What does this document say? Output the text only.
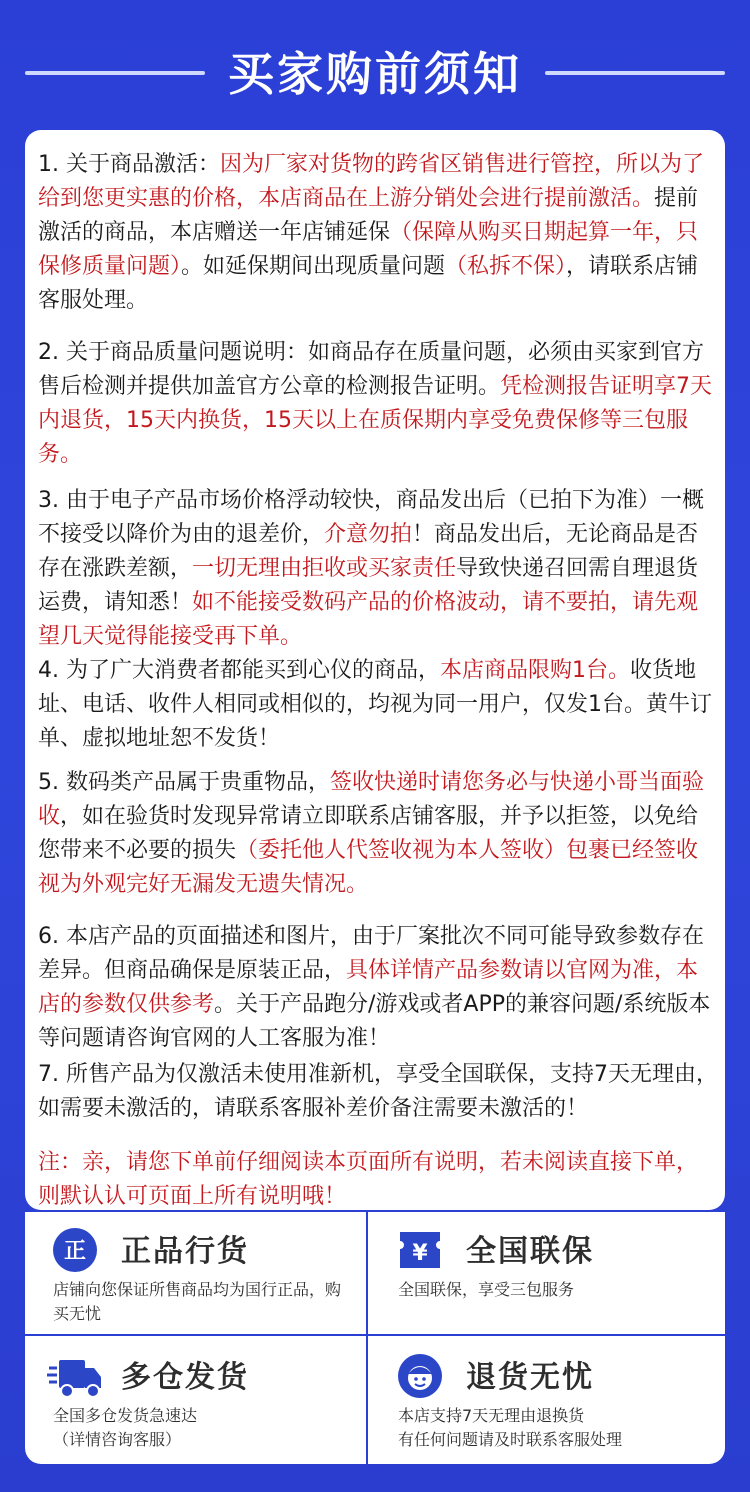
买家购前须知
1. 关于商品激活：因为厂家对货物的跨省区销售进行管控，所以为了给到您更实惠的价格，本店商品在上游分销处会进行提前激活。提前激活的商品，本店赠送一年店铺延保（保障从购买日期起算一年，只保修质量问题）。如延保期间出现质量问题（私拆不保），请联系店铺客服处理。
2. 关于商品质量问题说明：如商品存在质量问题，必须由买家到官方售后检测并提供加盖官方公章的检测报告证明。凭检测报告证明享7天内退货，15天内换货，15天以上在质保期内享受免费保修等三包服务。
3. 由于电子产品市场价格浮动较快，商品发出后（已拍下为准）一概不接受以降价为由的退差价，介意勿拍！商品发出后，无论商品是否存在涨跌差额，一切无理由拒收或买家责任导致快递召回需自理退货运费，请知悉！如不能接受数码产品的价格波动，请不要拍，请先观望几天觉得能接受再下单。
4. 为了广大消费者都能买到心仪的商品，本店商品限购1台。收货地址、电话、收件人相同或相似的，均视为同一用户，仅发1台。黄牛订单、虚拟地址恕不发货！
5. 数码类产品属于贵重物品，签收快递时请您务必与快递小哥当面验收，如在验货时发现异常请立即联系店铺客服，并予以拒签，以免给您带来不必要的损失（委托他人代签收视为本人签收）包裹已经签收视为外观完好无漏发无遗失情况。
6. 本店产品的页面描述和图片，由于厂案批次不同可能导致参数存在差异。但商品确保是原装正品，具体详情产品参数请以官网为准，本店的参数仅供参考。关于产品跑分/游戏或者APP的兼容问题/系统版本等问题请咨询官网的人工客服为准！
7. 所售产品为仅激活未使用准新机，享受全国联保，支持7天无理由，如需要未激活的，请联系客服补差价备注需要未激活的！
注：亲，请您下单前仔细阅读本页面所有说明，若未阅读直接下单，则默认认可页面上所有说明哦！
正 正品行货
店铺向您保证所售商品均为国行正品，购买无忧
¥ 全国联保
全国联保，享受三包服务
多仓发货
全国多仓发货急速达
（详情咨询客服）
退货无忧
本店支持7天无理由退换货
有任何问题请及时联系客服处理
